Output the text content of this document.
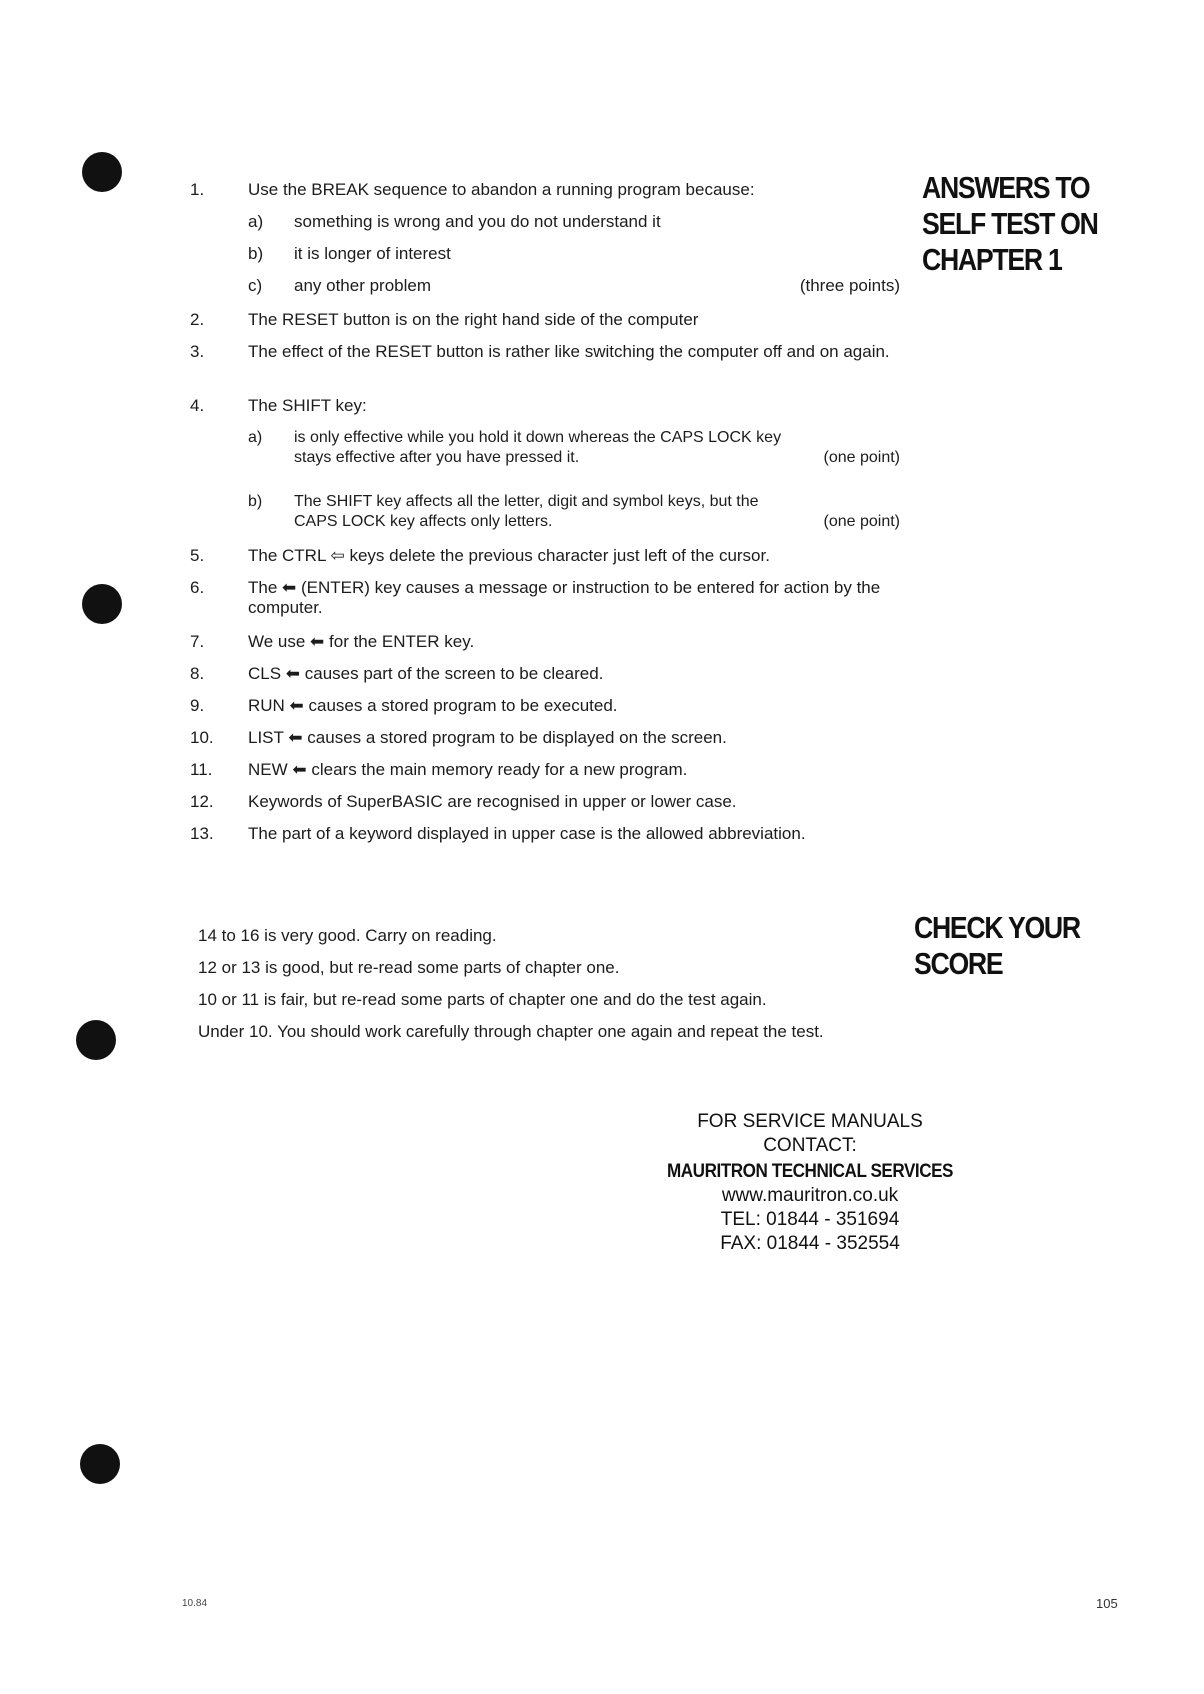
ANSWERS TO
SELF TEST ON
CHAPTER 1
1.	Use the BREAK sequence to abandon a running program because:
a)	something is wrong and you do not understand it
b)	it is longer of interest
c)	any other problem	(three points)
2.	The RESET button is on the right hand side of the computer
3.	The effect of the RESET button is rather like switching the computer off and on again.
4.	The SHIFT key:
a)	is only effective while you hold it down whereas the CAPS LOCK key stays effective after you have pressed it.	(one point)
b)	The SHIFT key affects all the letter, digit and symbol keys, but the CAPS LOCK key affects only letters.	(one point)
5.	The CTRL ⇦ keys delete the previous character just left of the cursor.
6.	The ⬅ (ENTER) key causes a message or instruction to be entered for action by the computer.
7.	We use ⬅ for the ENTER key.
8.	CLS ⬅ causes part of the screen to be cleared.
9.	RUN ⬅ causes a stored program to be executed.
10.	LIST ⬅ causes a stored program to be displayed on the screen.
11.	NEW ⬅ clears the main memory ready for a new program.
12.	Keywords of SuperBASIC are recognised in upper or lower case.
13.	The part of a keyword displayed in upper case is the allowed abbreviation.
CHECK YOUR
SCORE
14 to 16 is very good. Carry on reading.
12 or 13 is good, but re-read some parts of chapter one.
10 or 11 is fair, but re-read some parts of chapter one and do the test again.
Under 10. You should work carefully through chapter one again and repeat the test.
FOR SERVICE MANUALS
CONTACT:
MAURITRON TECHNICAL SERVICES
www.mauritron.co.uk
TEL: 01844 - 351694
FAX: 01844 - 352554
10.84	105
